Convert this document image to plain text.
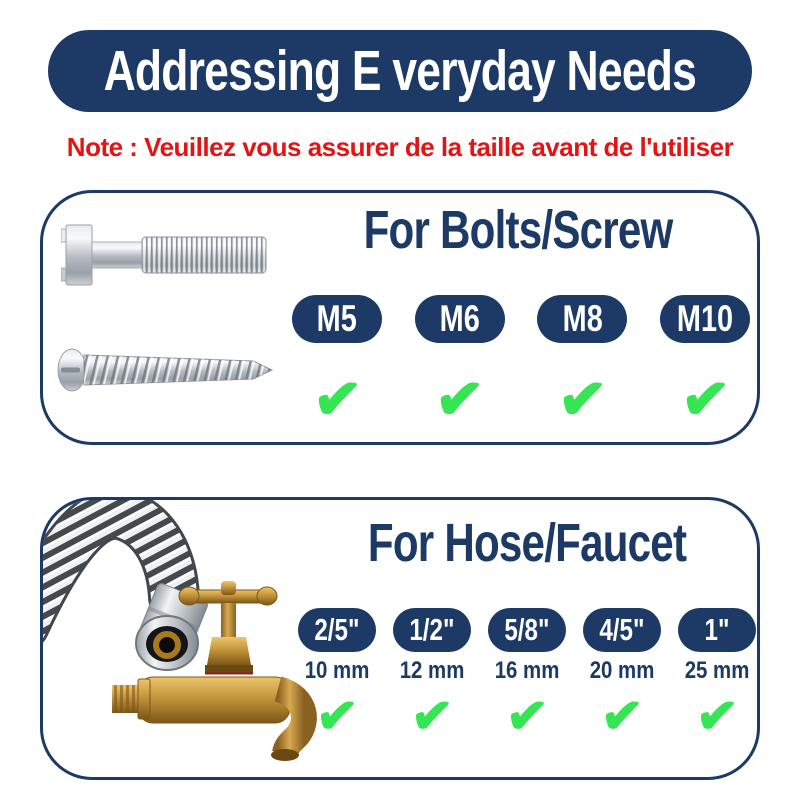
Addressing E veryday Needs
Note : Veuillez vous assurer de la taille avant de l'utiliser
For Bolts/Screw
M5
✔
M6
✔
M8
✔
M10
✔
For Hose/Faucet
2/5"
10 mm
✔
1/2"
12 mm
✔
5/8"
16 mm
✔
4/5"
20 mm
✔
1"
25 mm
✔
